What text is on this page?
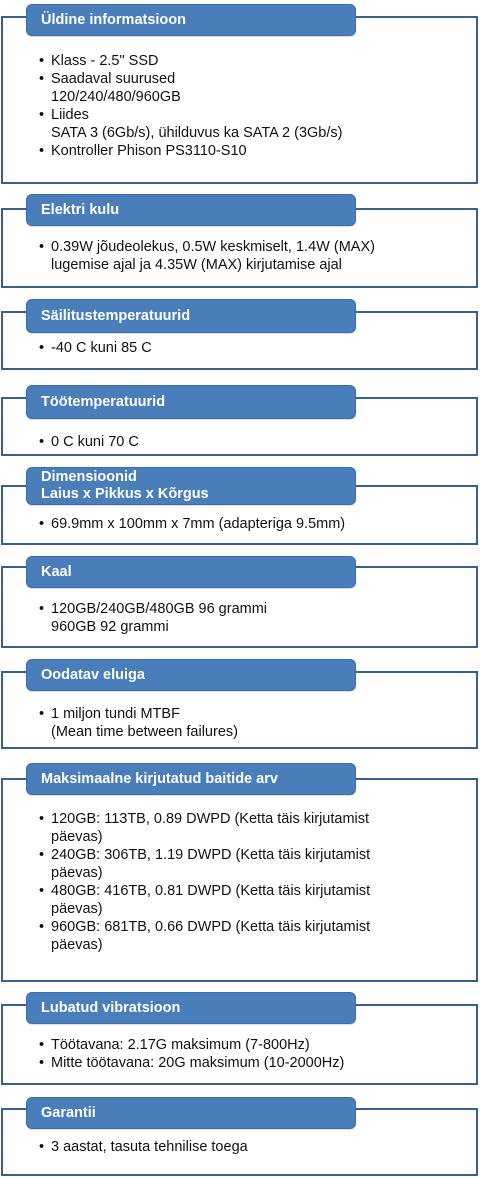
• Klass - 2.5" SSD
• Saadaval suurused
120/240/480/960GB
• Liides
SATA 3 (6Gb/s), ühilduvus ka SATA 2 (3Gb/s)
• Kontroller Phison PS3110-S10
Üldine informatsioon
• 0.39W jõudeolekus, 0.5W keskmiselt, 1.4W (MAX)
lugemise ajal ja 4.35W (MAX) kirjutamise ajal
Elektri kulu
• -40 C kuni 85 C
Säilitustemperatuurid
• 0 C kuni 70 C
Töötemperatuurid
• 69.9mm x 100mm x 7mm (adapteriga 9.5mm)
Dimensioonid
Laius x Pikkus x Kõrgus
• 120GB/240GB/480GB 96 grammi
960GB 92 grammi
Kaal
• 1 miljon tundi MTBF
(Mean time between failures)
Oodatav eluiga
• 120GB: 113TB, 0.89 DWPD (Ketta täis kirjutamist
päevas)
• 240GB: 306TB, 1.19 DWPD (Ketta täis kirjutamist
päevas)
• 480GB: 416TB, 0.81 DWPD (Ketta täis kirjutamist
päevas)
• 960GB: 681TB, 0.66 DWPD (Ketta täis kirjutamist
päevas)
Maksimaalne kirjutatud baitide arv
• Töötavana: 2.17G maksimum (7-800Hz)
• Mitte töötavana: 20G maksimum (10-2000Hz)
Lubatud vibratsioon
• 3 aastat, tasuta tehnilise toega
Garantii
